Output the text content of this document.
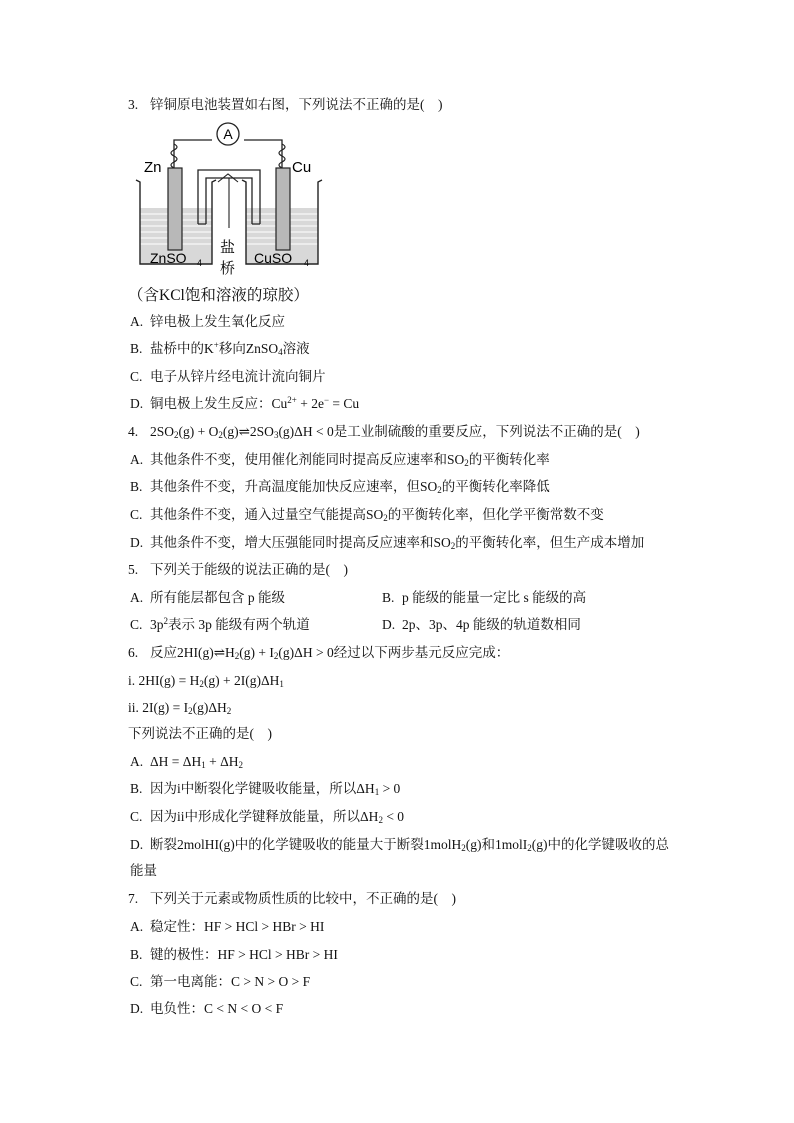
3. 锌铜原电池装置如右图，下列说法不正确的是(　)
A
Zn	Cu
盐
桥
ZnSO 4	CuSO 4
（含KCl饱和溶液的琼胶）
A. 锌电极上发生氧化反应
B. 盐桥中的K+移向ZnSO$_4$溶液
C. 电子从锌片经电流计流向铜片
D. 铜电极上发生反应：$Cu^{2+} + 2e^- = Cu$
4. $2SO_2(g)$ + $O_2(g)\rightleftharpoons 2SO_3(g)\Delta H < 0$是工业制硫酸的重要反应，下列说法不正确的是(　)
A. 其他条件不变，使用催化剂能同时提高反应速率和$SO_2$的平衡转化率
B. 其他条件不变，升高温度能加快反应速率，但$SO_2$的平衡转化率降低
C. 其他条件不变，通入过量空气能提高$SO_2$的平衡转化率，但化学平衡常数不变
D. 其他条件不变，增大压强能同时提高反应速率和$SO_2$的平衡转化率，但生产成本增加
5. 下列关于能级的说法正确的是(　)
A. 所有能层都包含 p 能级	B. p 能级的能量一定比 s 能级的高
C. $3p^2$表示 3p 能级有两个轨道	D. 2p、3p、4p 能级的轨道数相同
6. 反应$2HI(g)\rightleftharpoons H_2(g) + I_2(g)\Delta H > 0$经过以下两步基元反应完成：
i. $2HI(g) = H_2(g) + 2I(g)\Delta H_1$
ii. $2I(g) = I_2(g)\Delta H_2$
下列说法不正确的是(　)
A. $\Delta H = \Delta H_1 + \Delta H_2$
B. 因为i中断裂化学键吸收能量，所以$\Delta H_1 > 0$
C. 因为ii中形成化学键释放能量，所以$\Delta H_2 < 0$
D. 断裂2molHI(g)中的化学键吸收的能量大于断裂1molH$_2$(g)和1molI$_2$(g)中的化学键吸收的总
能量
7. 下列关于元素或物质性质的比较中，不正确的是(　)
A. 稳定性：HF > HCl > HBr > HI
B. 键的极性：HF > HCl > HBr > HI
C. 第一电离能：C > N > O > F
D. 电负性：C < N < O < F
